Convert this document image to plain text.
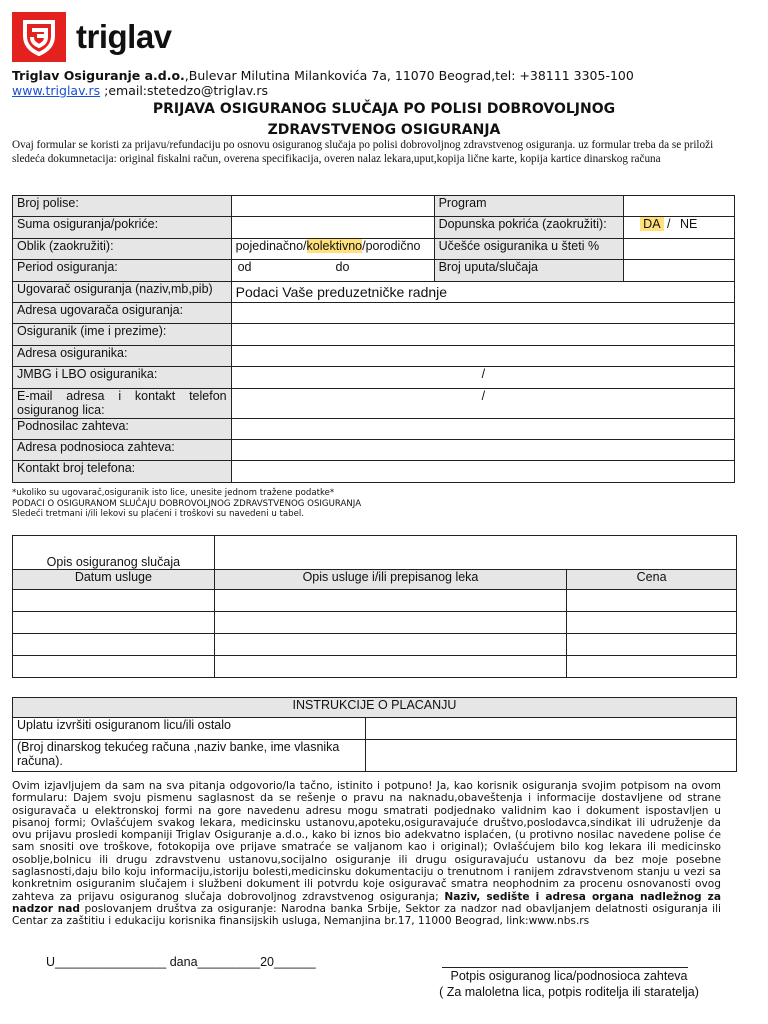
triglav
Triglav Osiguranje a.d.o.,Bulevar Milutina Milankovića 7a, 11070 Beograd,tel: +38111 3305-100
www.triglav.rs ;email:stetedzo@triglav.rs
PRIJAVA OSIGURANOG SLUČAJA PO POLISI DOBROVOLJNOG
ZDRAVSTVENOG OSIGURANJA
Ovaj formular se koristi za prijavu/refundaciju po osnovu osiguranog slučaja po polisi dobrovoljnog zdravstvenog osiguranja. uz formular treba da se priloži sledeća dokumnetacija: original fiskalni račun, overena specifikacija, overen nalaz lekara,uput,kopija lične karte, kopija kartice dinarskog računa
Broj polise:		Program	
Suma osiguranja/pokriće:		Dopunska pokrića (zaokružiti):	DA / NE
Oblik (zaokružiti):	pojedinačno/kolektivno/porodično	Učešće osiguranika u šteti %	
Period osiguranja:	od do	Broj uputa/slučaja	
Ugovarač osiguranja (naziv,mb,pib)	Podaci Vaše preduzetničke radnje		
Adresa ugovarača osiguranja:			
Osiguranik (ime i prezime):			
Adresa osiguranika:			
JMBG i LBO osiguranika:	/		
E-mail adresa i kontakt telefon osiguranog lica:	/		
Podnosilac zahteva:			
Adresa podnosioca zahteva:			
Kontakt broj telefona:			
*ukoliko su ugovarač,osiguranik isto lice, unesite jednom tražene podatke*
PODACI O OSIGURANOM SLUČAJU DOBROVOLJNOG ZDRAVSTVENOG OSIGURANJA
Sledeći tretmani i/ili lekovi su plaćeni i troškovi su navedeni u tabel.
Opis osiguranog slučaja		
Datum usluge	Opis usluge i/ili prepisanog leka	Cena

INSTRUKCIJE O PLACANJU	
Uplatu izvršiti osiguranom licu/ili ostalo	
(Broj dinarskog tekućeg računa ,naziv banke, ime vlasnika računa).	
Ovim izjavljujem da sam na sva pitanja odgovorio/la tačno, istinito i potpuno! Ja, kao korisnik osiguranja svojim potpisom na ovom formularu: Dajem svoju pismenu saglasnost da se rešenje o pravu na naknadu,obaveštenja i informacije dostavljene od strane osiguravača u elektronskoj formi na gore navedenu adresu mogu smatrati podjednako validnim kao i dokument ispostavljen u pisanoj formi; Ovlašćujem svakog lekara, medicinsku ustanovu,apoteku,osiguravajuće društvo,poslodavca,sindikat ili udruženje da ovu prijavu prosledi kompaniji Triglav Osiguranje a.d.o., kako bi iznos bio adekvatno isplaćen, (u protivno nosilac navedene polise će sam snositi ove troškove, fotokopija ove prijave smatraće se valjanom kao i original); Ovlašćujem bilo kog lekara ili medicinsko osoblje,bolnicu ili drugu zdravstvenu ustanovu,socijalno osiguranje ili drugu osiguravajuću ustanovu da bez moje posebne saglasnosti,daju bilo koju informaciju,istoriju bolesti,medicinsku dokumentaciju o trenutnom i ranijem zdravstvenom stanju u vezi sa konkretnim osiguranim slučajem i službeni dokument ili potvrdu koje osiguravač smatra neophodnim za procenu osnovanosti ovog zahteva za prijavu osiguranog slučaja dobrovoljnog zdravstvenog osiguranja; Naziv, sedište i adresa organa nadležnog za nadzor nad poslovanjem društva za osiguranje: Narodna banka Srbije, Sektor za nadzor nad obavljanjem delatnosti osiguranja ili Centar za zaštitiu i edukaciju korisnika finansijskih usluga, Nemanjina br.17, 11000 Beograd, link:www.nbs.rs
U________________ dana_________20______
Potpis osiguranog lica/podnosioca zahteva
( Za maloletna lica, potpis roditelja ili staratelja)
